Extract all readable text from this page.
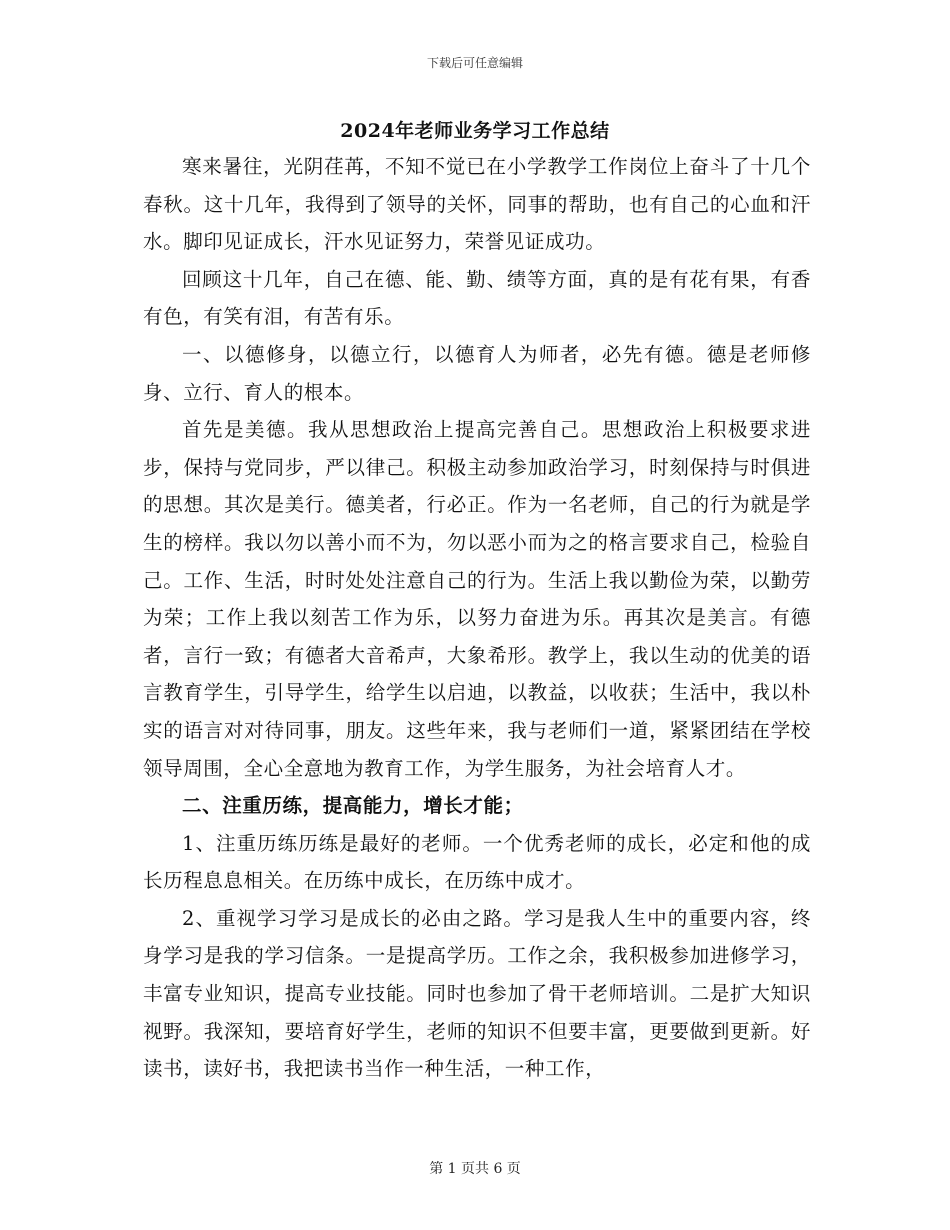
下载后可任意编辑
2024年老师业务学习工作总结

寒来暑往，光阴荏苒，不知不觉已在小学教学工作岗位上奋斗了十几个春秋。这十几年，我得到了领导的关怀，同事的帮助，也有自己的心血和汗水。脚印见证成长，汗水见证努力，荣誉见证成功。

回顾这十几年，自己在德、能、勤、绩等方面，真的是有花有果，有香有色，有笑有泪，有苦有乐。

一、以德修身，以德立行，以德育人为师者，必先有德。德是老师修身、立行、育人的根本。

首先是美德。我从思想政治上提高完善自己。思想政治上积极要求进步，保持与党同步，严以律己。积极主动参加政治学习，时刻保持与时俱进的思想。其次是美行。德美者，行必正。作为一名老师，自己的行为就是学生的榜样。我以勿以善小而不为，勿以恶小而为之的格言要求自己，检验自己。工作、生活，时时处处注意自己的行为。生活上我以勤俭为荣，以勤劳为荣；工作上我以刻苦工作为乐，以努力奋进为乐。再其次是美言。有德者，言行一致；有德者大音希声，大象希形。教学上，我以生动的优美的语言教育学生，引导学生，给学生以启迪，以教益，以收获；生活中，我以朴实的语言对对待同事，朋友。这些年来，我与老师们一道，紧紧团结在学校领导周围，全心全意地为教育工作，为学生服务，为社会培育人才。

二、注重历练，提高能力，增长才能；

1、注重历练历练是最好的老师。一个优秀老师的成长，必定和他的成长历程息息相关。在历练中成长，在历练中成才。

2、重视学习学习是成长的必由之路。学习是我人生中的重要内容，终身学习是我的学习信条。一是提高学历。工作之余，我积极参加进修学习，丰富专业知识，提高专业技能。同时也参加了骨干老师培训。二是扩大知识视野。我深知，要培育好学生，老师的知识不但要丰富，更要做到更新。好读书，读好书，我把读书当作一种生活，一种工作，

第 1 页共 6 页
